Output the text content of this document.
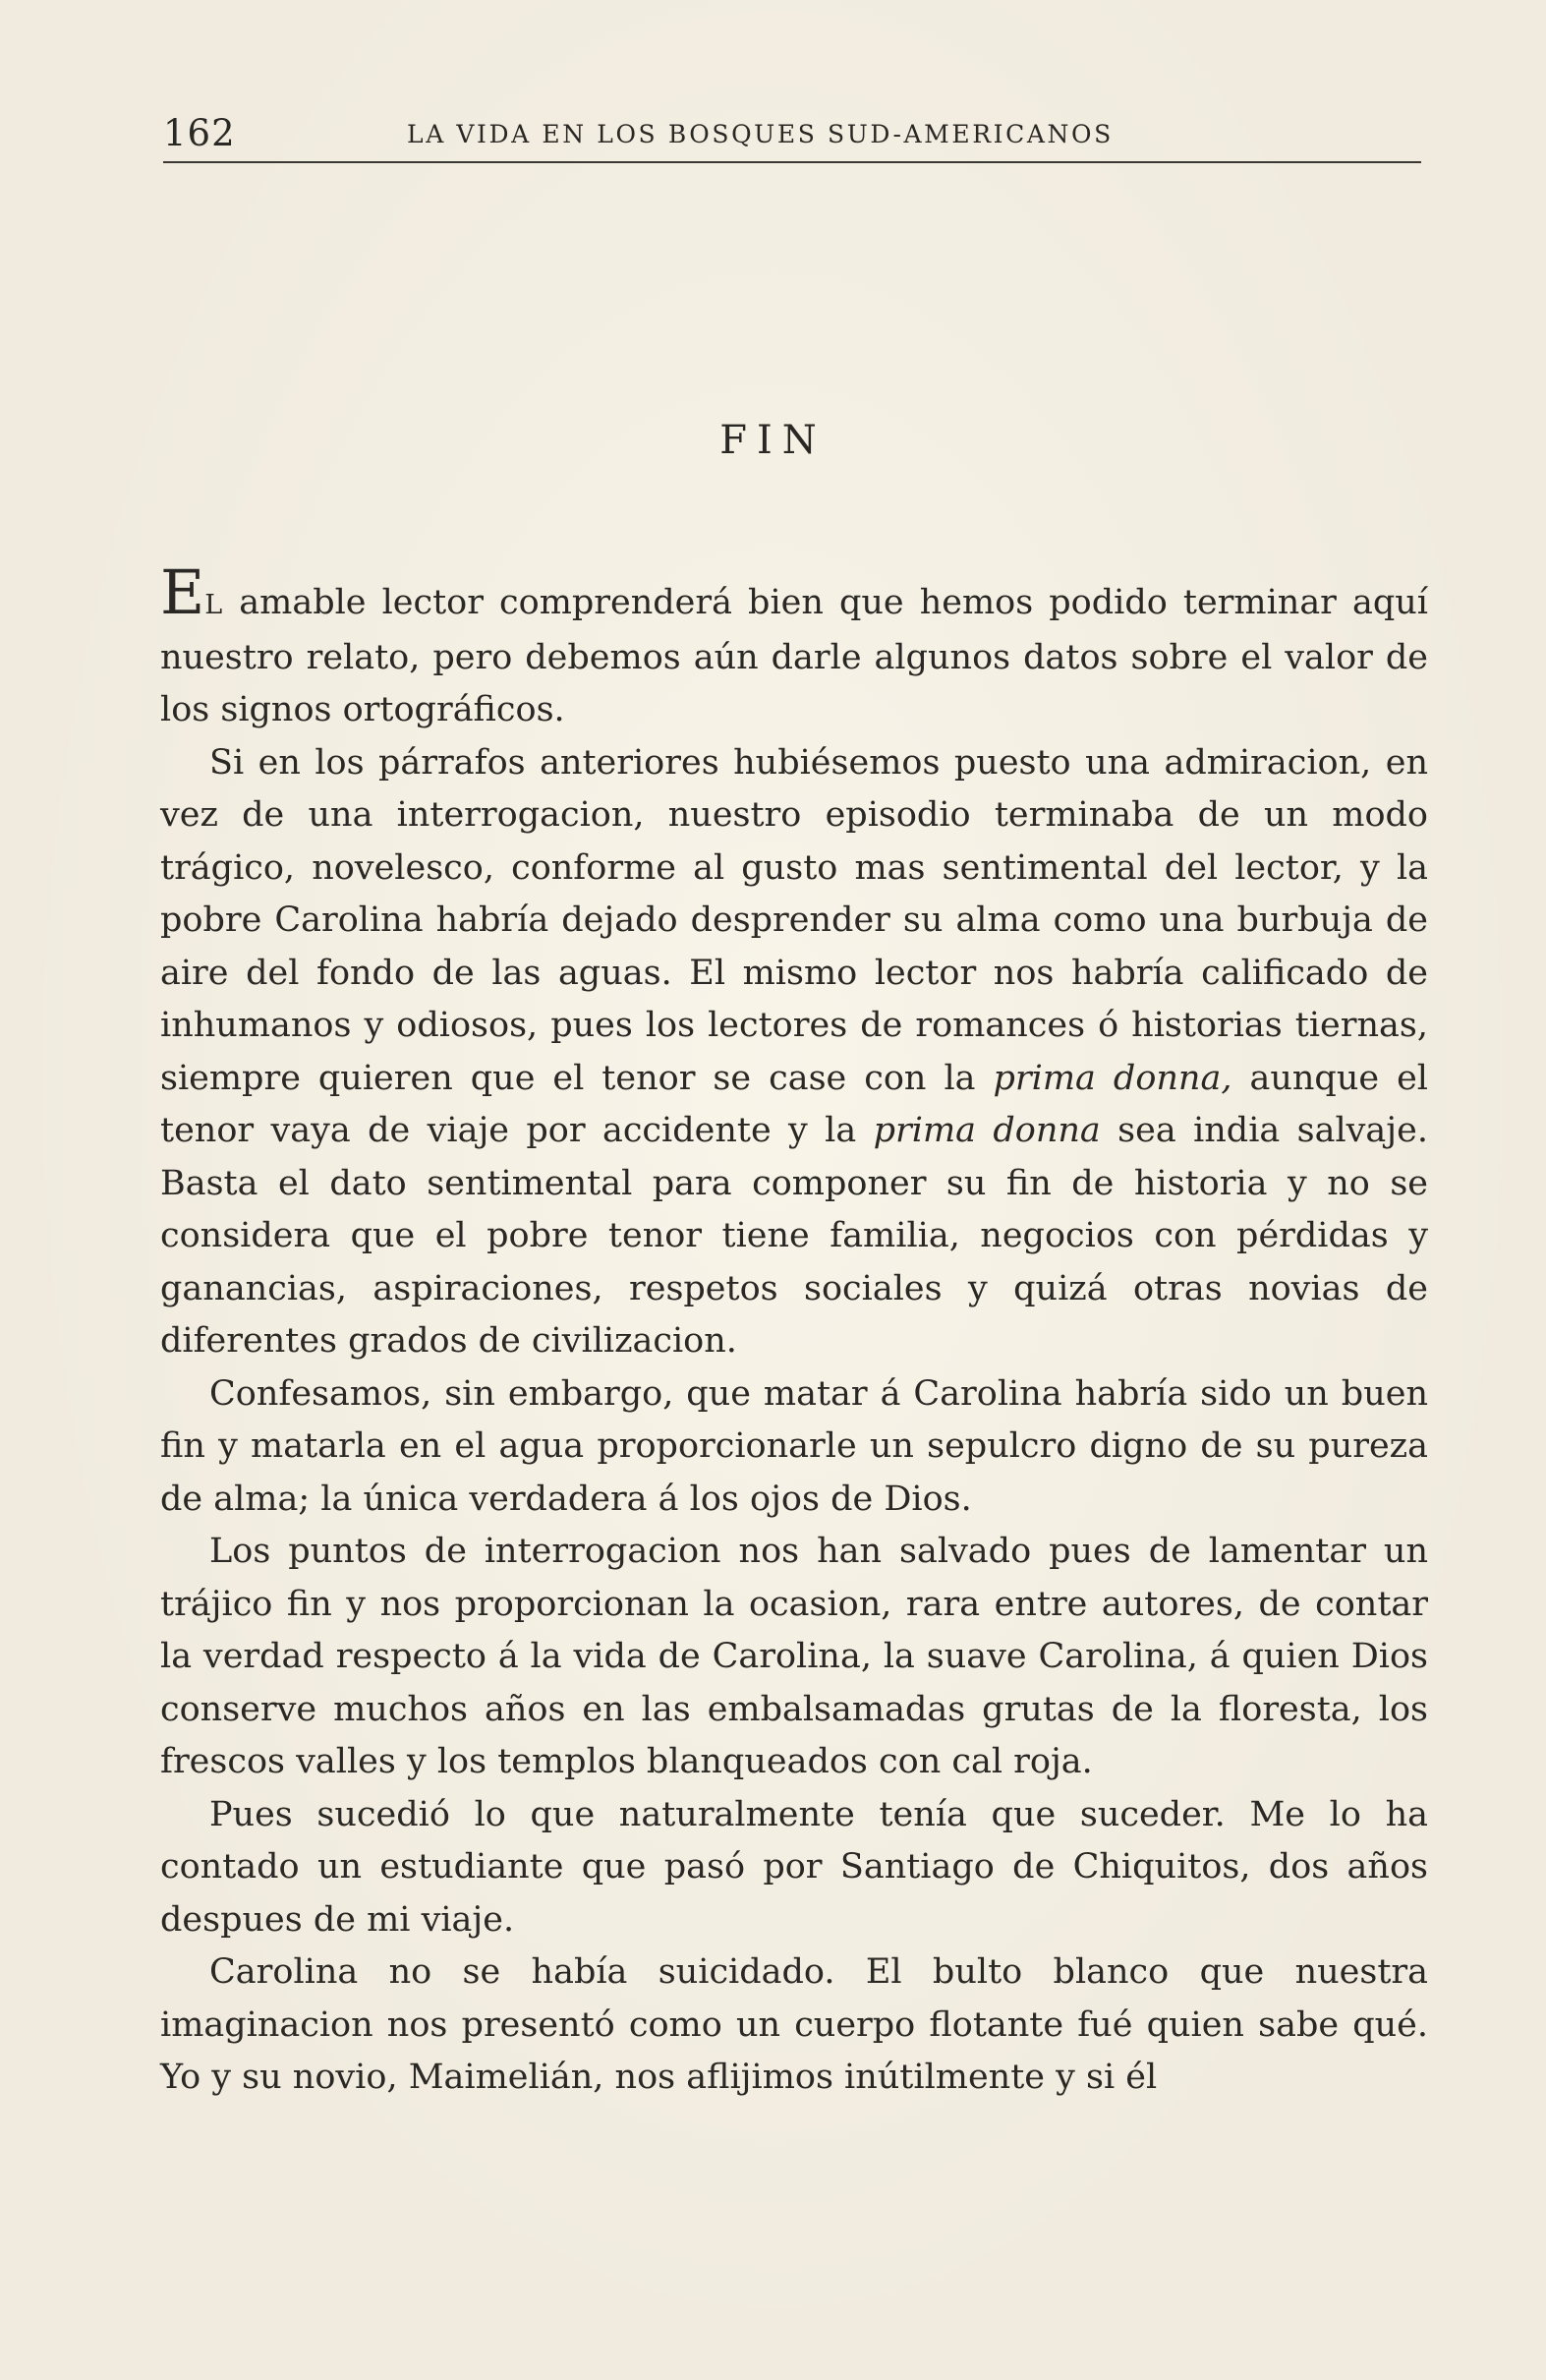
162	LA VIDA EN LOS BOSQUES SUD-AMERICANOS
FIN

EL amable lector comprenderá bien que hemos podido terminar aquí nuestro relato, pero debemos aún darle algunos datos sobre el valor de los signos ortográficos.

Si en los párrafos anteriores hubiésemos puesto una admiracion, en vez de una interrogacion, nuestro episodio terminaba de un modo trágico, novelesco, conforme al gusto mas sentimental del lector, y la pobre Carolina habría dejado desprender su alma como una burbuja de aire del fondo de las aguas. El mismo lector nos habría calificado de inhumanos y odiosos, pues los lectores de romances ó historias tiernas, siempre quieren que el tenor se case con la prima donna, aunque el tenor vaya de viaje por accidente y la prima donna sea india salvaje. Basta el dato sentimental para componer su fin de historia y no se considera que el pobre tenor tiene familia, negocios con pérdidas y ganancias, aspiraciones, respetos sociales y quizá otras novias de diferentes grados de civilizacion.

Confesamos, sin embargo, que matar á Carolina habría sido un buen fin y matarla en el agua proporcionarle un sepulcro digno de su pureza de alma; la única verdadera á los ojos de Dios.

Los puntos de interrogacion nos han salvado pues de lamentar un trájico fin y nos proporcionan la ocasion, rara entre autores, de contar la verdad respecto á la vida de Carolina, la suave Carolina, á quien Dios conserve muchos años en las embalsamadas grutas de la floresta, los frescos valles y los templos blanqueados con cal roja.

Pues sucedió lo que naturalmente tenía que suceder. Me lo ha contado un estudiante que pasó por Santiago de Chiquitos, dos años despues de mi viaje.

Carolina no se había suicidado. El bulto blanco que nuestra imaginacion nos presentó como un cuerpo flotante fué quien sabe qué. Yo y su novio, Maimelián, nos aflijimos inútilmente y si él
